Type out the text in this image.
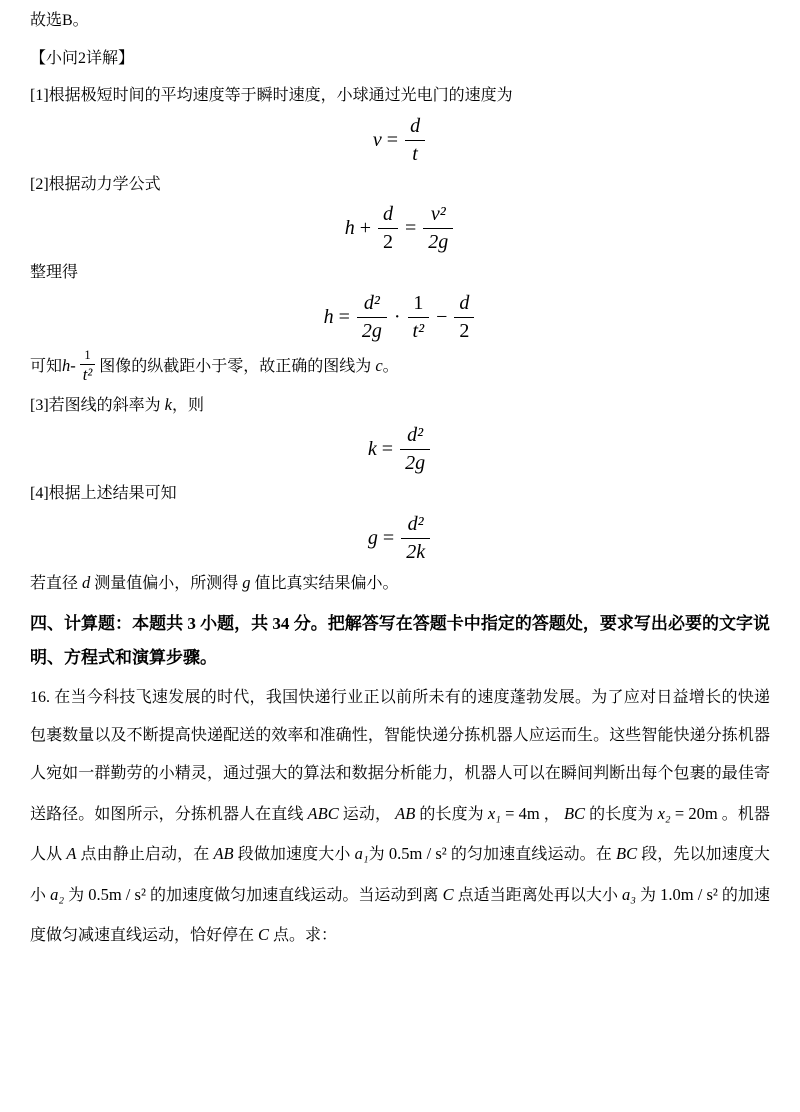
故选B。

【小问2详解】

[1]根据极短时间的平均速度等于瞬时速度，小球通过光电门的速度为

$v = \frac{d}{t}$

[2]根据动力学公式

$h + \frac{d}{2} = \frac{\text{v²}}{2g}$

整理得

$h = \frac{\text{d²}}{2g} \cdot \frac{1}{\text{t²}} - \frac{d}{2}$

可知 h -
1
t² 图像的纵截距小于零，故正确的图线为 c。

[3]若图线的斜率为 k，则

$k = \frac{\text{d²}}{2g}$

[4]根据上述结果可知

$g = \frac{\text{d²}}{2k}$

若直径 d 测量值偏小，所测得 g 值比真实结果偏小。

四、计算题：本题共 3 小题，共 34 分。把解答写在答题卡中指定的答题处，要求写出必要的文字说明、方程式和演算步骤。

16. 在当今科技飞速发展的时代，我国快递行业正以前所未有的速度蓬勃发展。为了应对日益增长的快递包裹数量以及不断提高快递配送的效率和准确性，智能快递分拣机器人应运而生。这些智能快递分拣机器人宛如一群勤劳的小精灵，通过强大的算法和数据分析能力，机器人可以在瞬间判断出每个包裹的最佳寄送路径。如图所示，分拣机器人在直线 ABC 运动， AB 的长度为 x₁ = 4m ， BC 的长度为 x₂ = 20m 。机器人从 A 点由静止启动，在 AB 段做加速度大小 a₁为 0.5m / s² 的匀加速直线运动。在 BC 段，先以加速度大小 a₂ 为 0.5m / s² 的加速度做匀加速直线运动。当运动到离 C 点适当距离处再以大小 a₃ 为 1.0m / s² 的加速度做匀减速直线运动，恰好停在 C 点。求：
